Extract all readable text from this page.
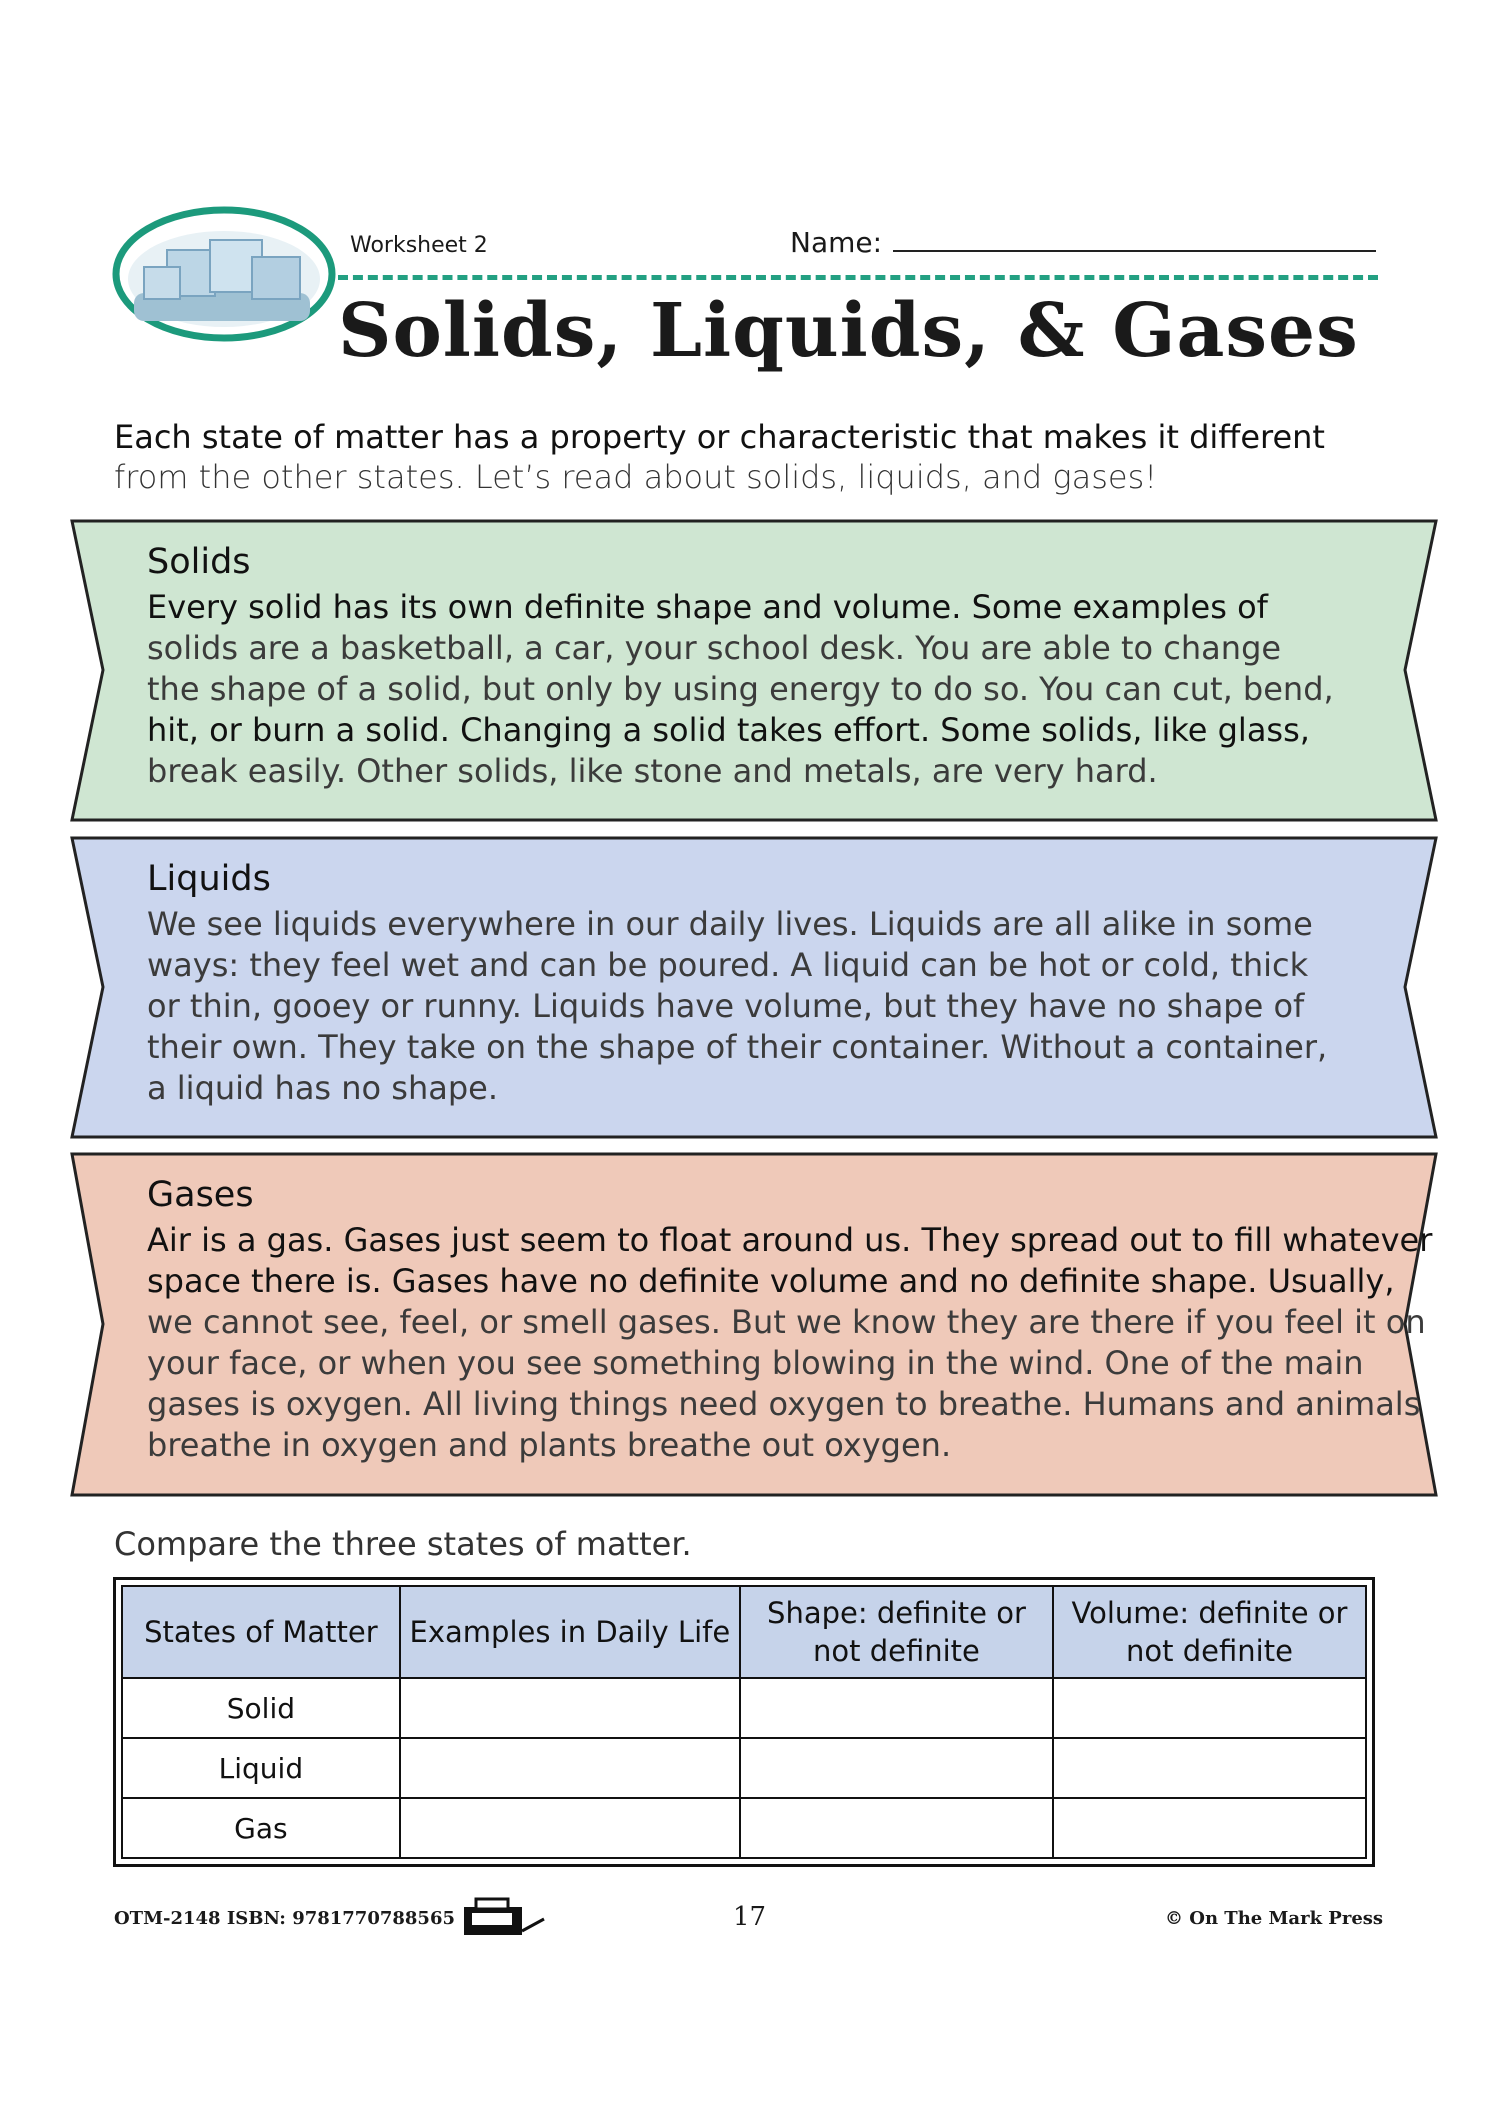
Worksheet 2	Name:
Solids, Liquids, & Gases
Each state of matter has a property or characteristic that makes it different
from the other states. Let’s read about solids, liquids, and gases!
Solids
Every solid has its own definite shape and volume. Some examples of
solids are a basketball, a car, your school desk. You are able to change
the shape of a solid, but only by using energy to do so. You can cut, bend,
hit, or burn a solid. Changing a solid takes effort. Some solids, like glass,
break easily. Other solids, like stone and metals, are very hard.
Liquids
We see liquids everywhere in our daily lives. Liquids are all alike in some
ways: they feel wet and can be poured. A liquid can be hot or cold, thick
or thin, gooey or runny. Liquids have volume, but they have no shape of
their own. They take on the shape of their container. Without a container,
a liquid has no shape.
Gases
Air is a gas. Gases just seem to float around us. They spread out to fill whatever
space there is. Gases have no definite volume and no definite shape. Usually,
we cannot see, feel, or smell gases. But we know they are there if you feel it on
your face, or when you see something blowing in the wind. One of the main
gases is oxygen. All living things need oxygen to breathe. Humans and animals
breathe in oxygen and plants breathe out oxygen.
Compare the three states of matter.
States of Matter	Examples in Daily Life	Shape: definite or not definite	Volume: definite or not definite
Solid			
Liquid			
Gas			
OTM-2148 ISBN: 9781770788565	17	© On The Mark Press
